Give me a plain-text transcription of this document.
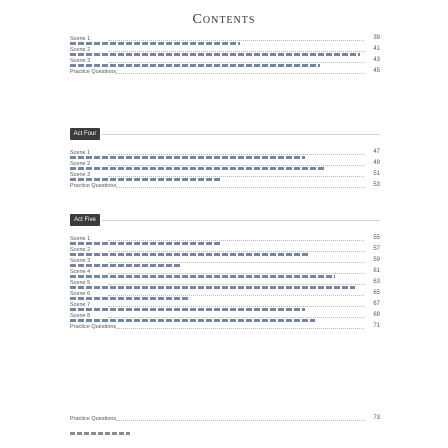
Contents
Scene 1	39
Scene 2	41
Scene 3	43
Practice Questions	45
Act Four
Scene 1	47
Scene 2	49
Scene 3	51
Practice Questions	53
Act Five
Scene 1	55
Scene 2	57
Scene 3	59
Scene 4	61
Scene 5	63
Scene 6	65
Scene 7	67
Scene 8	69
Practice Questions	71
Practice Questions	73
